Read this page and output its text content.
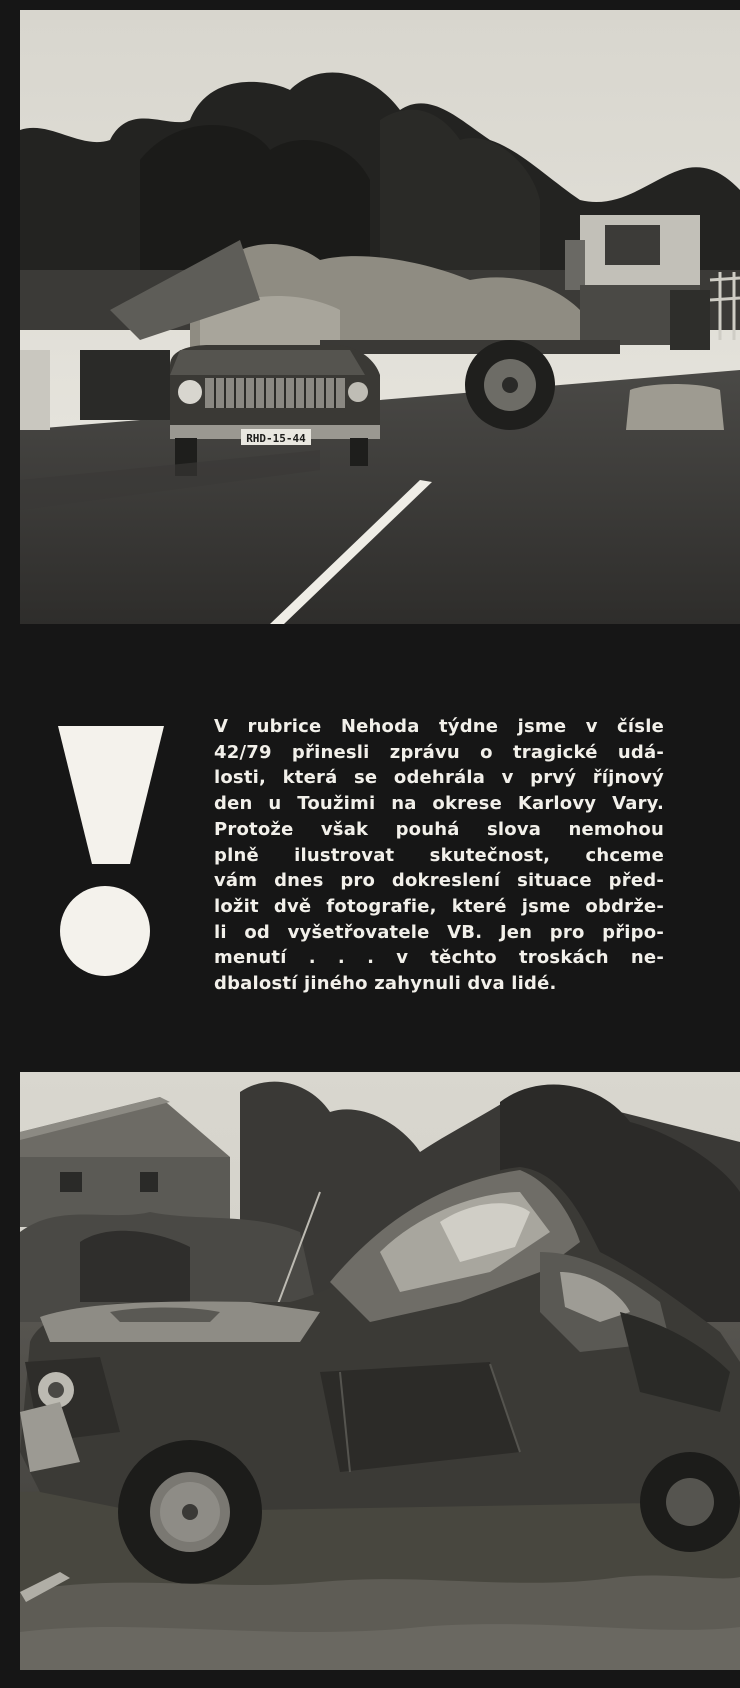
RHD-15-44
V rubrice Nehoda týdne jsme v čísle
42/79 přinesli zprávu o tragické udá-
losti, která se odehrála v prvý říjnový
den u Toužimi na okrese Karlovy Vary.
Protože však pouhá slova nemohou
plně ilustrovat skutečnost, chceme
vám dnes pro dokreslení situace před-
ložit dvě fotografie, které jsme obdrže-
li od vyšetřovatele VB. Jen pro připo-
menutí . . . v těchto troskách ne-
dbalostí jiného zahynuli dva lidé.
